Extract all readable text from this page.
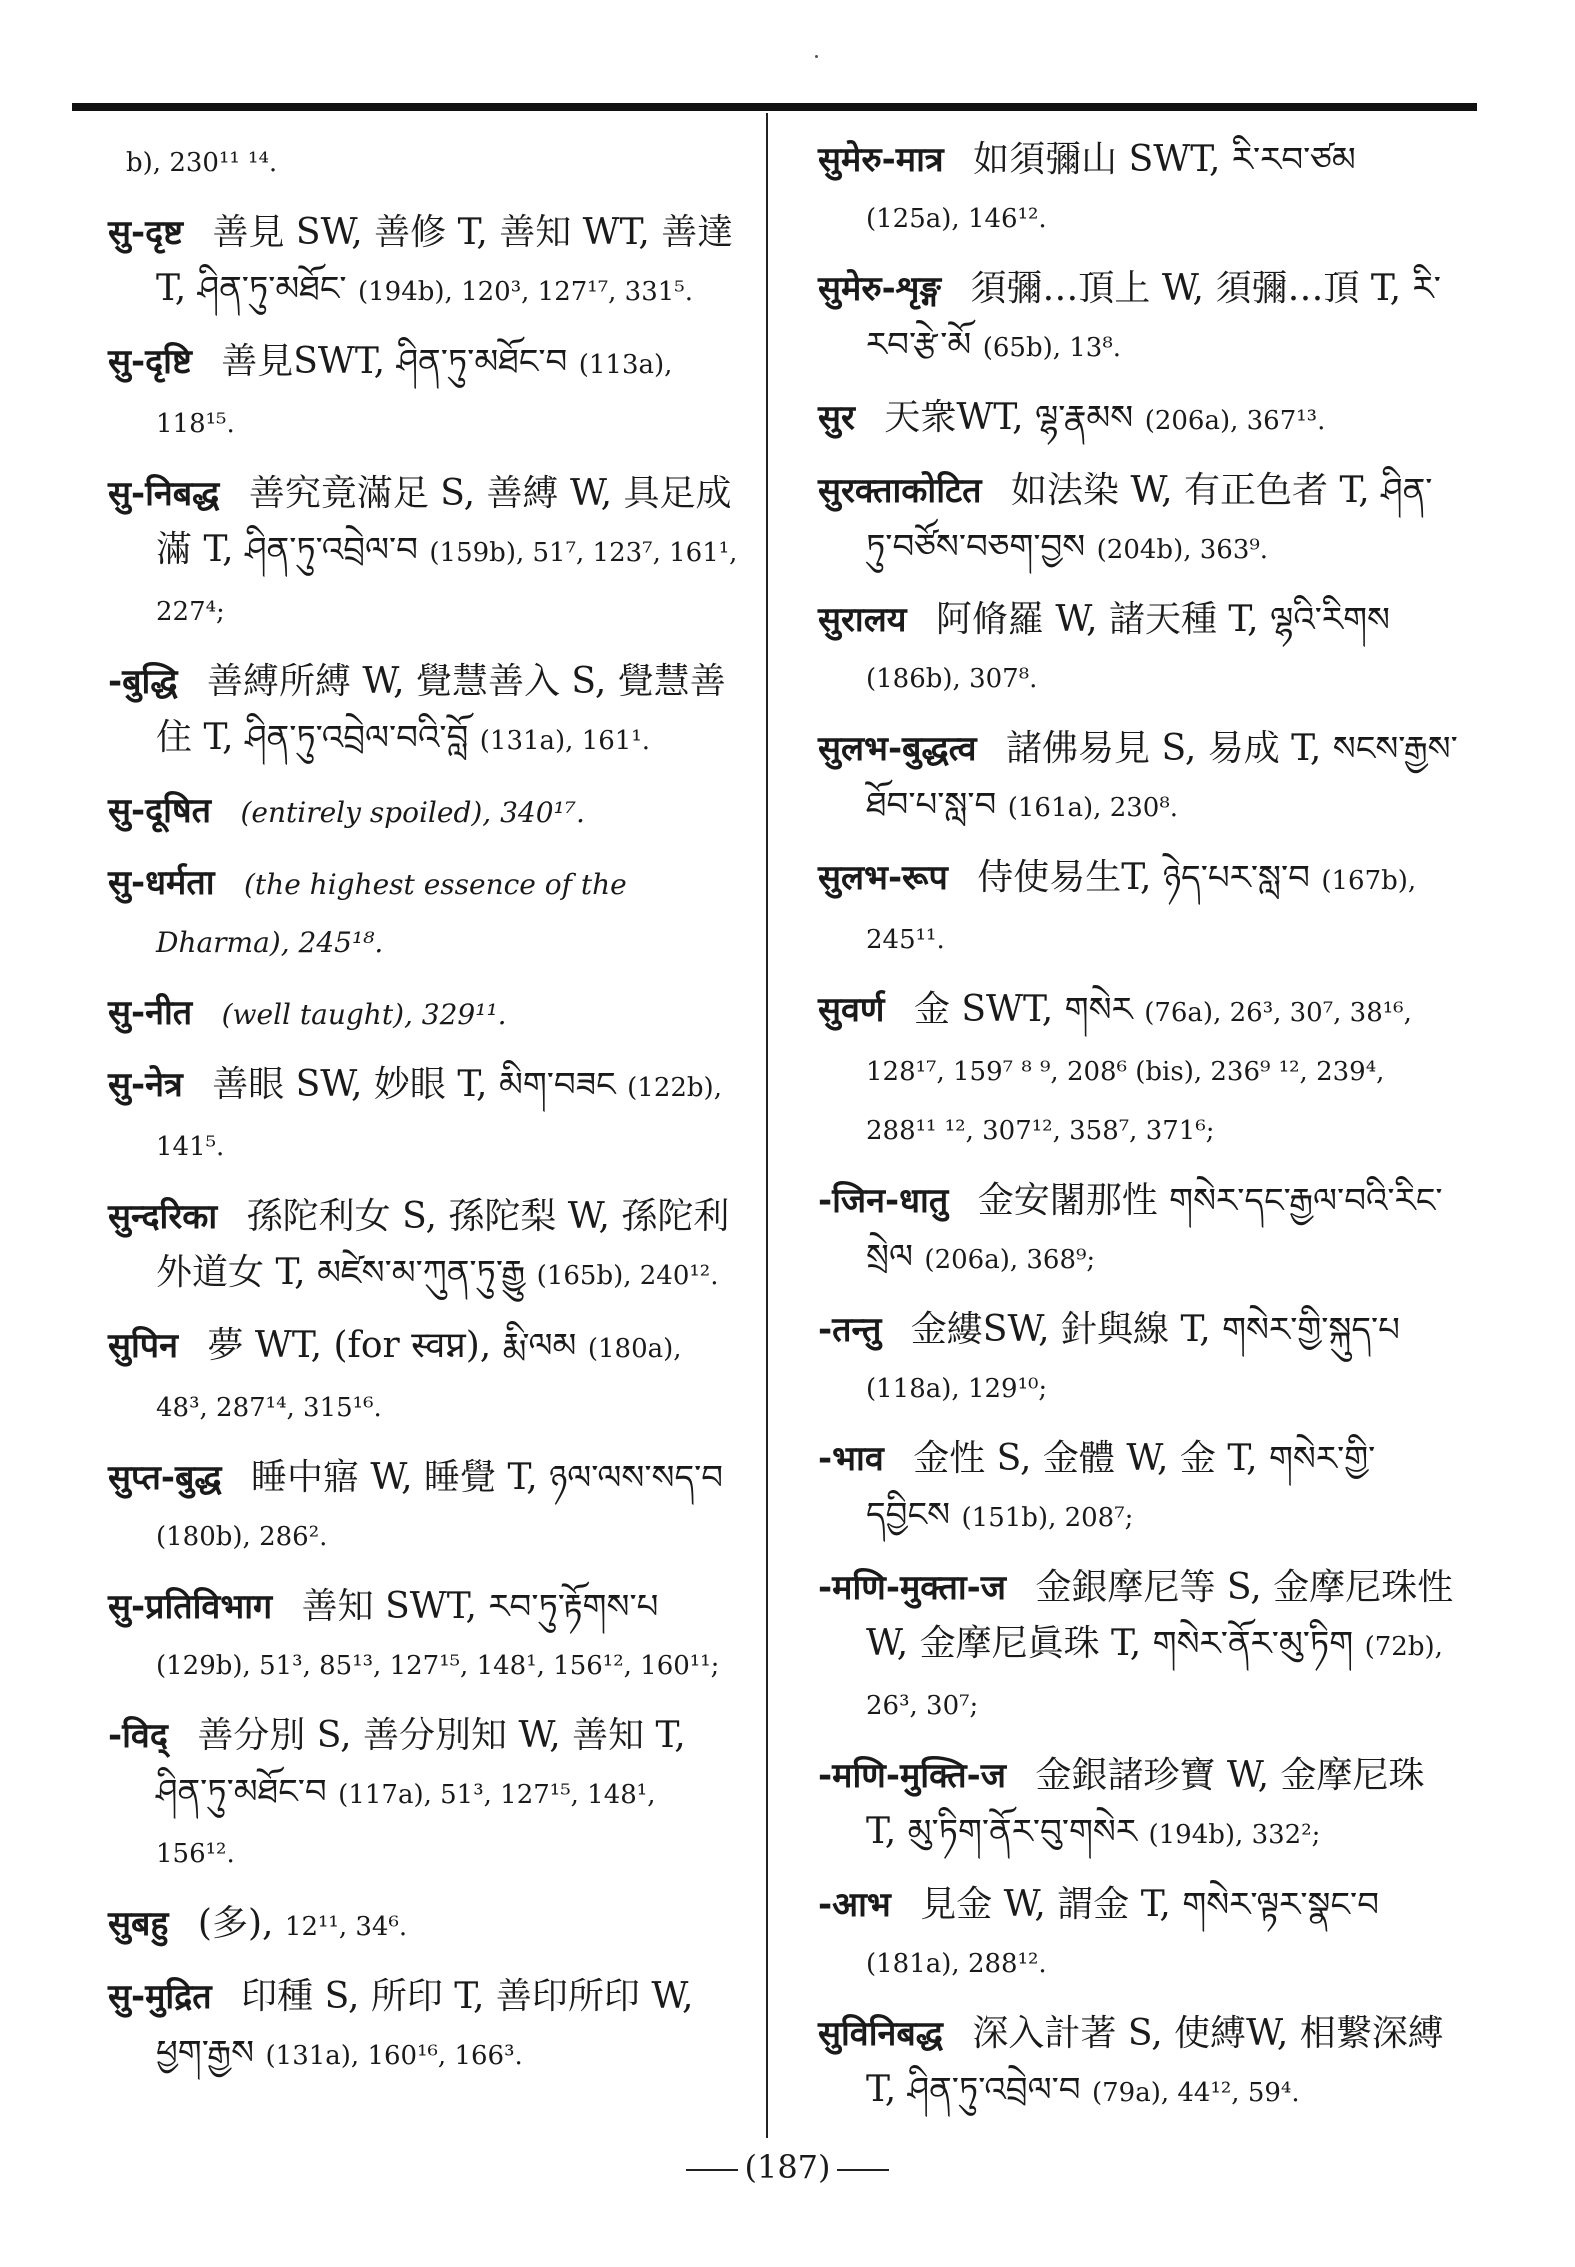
b), 230¹¹ ¹⁴.
सु-दृष्ट 善見 SW, 善修 T, 善知 WT, 善達 T, ཤིན་ཏུ་མཐོང་ (194b), 120³, 127¹⁷, 331⁵.
सु-दृष्टि 善見SWT, ཤིན་ཏུ་མཐོང་བ (113a), 118¹⁵.
सु-निबद्ध 善究竟滿足 S, 善縛 W, 具足成滿 T, ཤིན་ཏུ་འབྲེལ་བ (159b), 51⁷, 123⁷, 161¹, 227⁴;
-बुद्धि 善縛所縛 W, 覺慧善入 S, 覺慧善住 T, ཤིན་ཏུ་འབྲེལ་བའི་བློ (131a), 161¹.
सु-दूषित (entirely spoiled), 340¹⁷.
सु-धर्मता (the highest essence of the Dharma), 245¹⁸.
सु-नीत (well taught), 329¹¹.
सु-नेत्र 善眼 SW, 妙眼 T, མིག་བཟང (122b), 141⁵.
सुन्दरिका 孫陀利女 S, 孫陀梨 W, 孫陀利外道女 T, མཛེས་མ་ཀུན་ཏུ་རྒྱུ (165b), 240¹².
सुपिन 夢 WT, (for स्वप्न), རྨི་ལམ (180a), 48³, 287¹⁴, 315¹⁶.
सुप्त-बुद्ध 睡中寤 W, 睡覺 T, ཉལ་ལས་སད་བ (180b), 286².
सु-प्रतिविभाग 善知 SWT, རབ་ཏུ་རྟོགས་པ (129b), 51³, 85¹³, 127¹⁵, 148¹, 156¹², 160¹¹;
-विद् 善分別 S, 善分別知 W, 善知 T, ཤིན་ཏུ་མཐོང་བ (117a), 51³, 127¹⁵, 148¹, 156¹².
सुबहु (多), 12¹¹, 34⁶.
सु-मुद्रित 印種 S, 所印 T, 善印所印 W, ཕྱག་རྒྱས (131a), 160¹⁶, 166³.
सुमेरु-मात्र 如須彌山 SWT, རི་རབ་ཙམ (125a), 146¹².
सुमेरु-शृङ्ग 須彌…頂上 W, 須彌…頂 T, རི་རབ་རྩེ་མོ (65b), 13⁸.
सुर 天衆WT, ལྷ་རྣམས (206a), 367¹³.
सुरक्ताकोटित 如法染 W, 有正色者 T, ཤིན་ཏུ་བཙོས་བཅག་བྱས (204b), 363⁹.
सुरालय 阿脩羅 W, 諸天種 T, ལྷའི་རིགས (186b), 307⁸.
सुलभ-बुद्धत्व 諸佛易見 S, 易成 T, སངས་རྒྱས་ཐོབ་པ་སླ་བ (161a), 230⁸.
सुलभ-रूप 侍使易生T, ཉེད་པར་སླ་བ (167b), 245¹¹.
सुवर्ण 金 SWT, གསེར (76a), 26³, 30⁷, 38¹⁶, 128¹⁷, 159⁷ ⁸ ⁹, 208⁶ (bis), 236⁹ ¹², 239⁴, 288¹¹ ¹², 307¹², 358⁷, 371⁶;
-जिन-धातु 金安闍那性 གསེར་དང་རྒྱལ་བའི་རིང་སྲེལ (206a), 368⁹;
-तन्तु 金縷SW, 針與線 T, གསེར་གྱི་སྐུད་པ (118a), 129¹⁰;
-भाव 金性 S, 金體 W, 金 T, གསེར་གྱི་དབྱིངས (151b), 208⁷;
-मणि-मुक्ता-ज 金銀摩尼等 S, 金摩尼珠性 W, 金摩尼眞珠 T, གསེར་ནོར་མུ་ཏིག (72b), 26³, 30⁷;
-मणि-मुक्ति-ज 金銀諸珍寶 W, 金摩尼珠 T, མུ་ཏིག་ནོར་བུ་གསེར (194b), 332²;
-आभ 見金 W, 謂金 T, གསེར་ལྟར་སྣང་བ (181a), 288¹².
सुविनिबद्ध 深入計著 S, 使縛W, 相繋深縛 T, ཤིན་ཏུ་འབྲེལ་བ (79a), 44¹², 59⁴.
(187)
